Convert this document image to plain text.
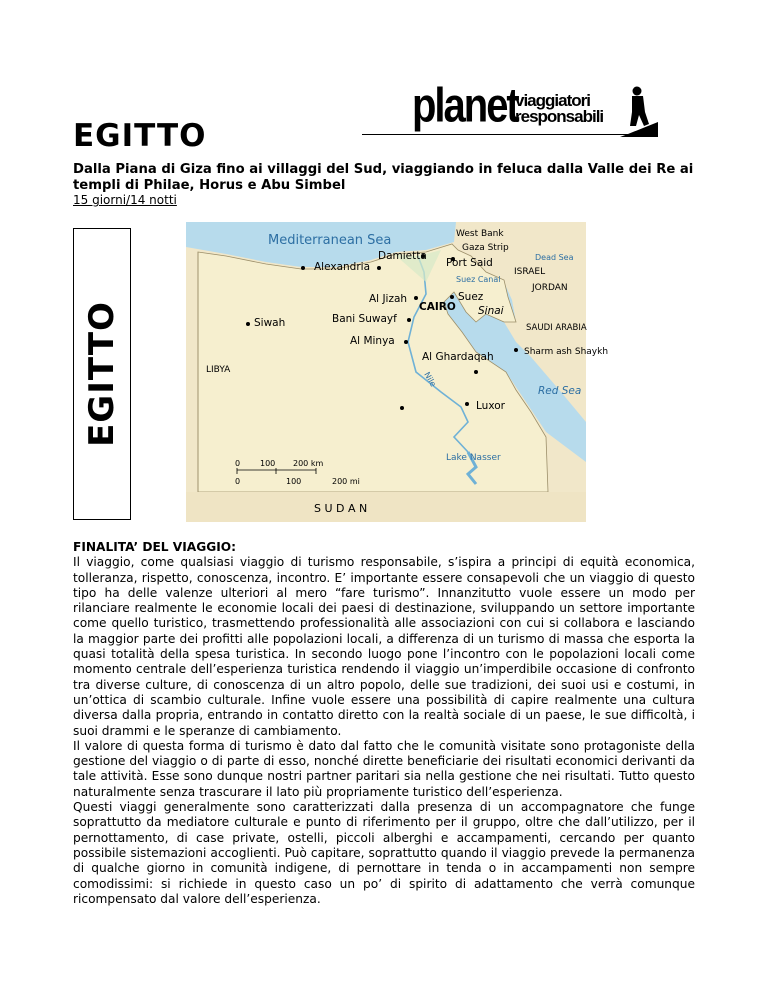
planet
viaggiatori
responsabili
EGITTO
Dalla Piana di Giza fino ai villaggi del Sud, viaggiando in feluca dalla Valle dei Re ai templi di Philae, Horus e Abu Simbel
15 giorni/14 notti
EGITTO
Mediterranean Sea	West Bank
Gaza Strip
Dead Sea
ISRAEL
JORDAN
Damietta
Port Said
Alexandria
Suez Canal
Suez
Al Jizah
CAIRO Sinai
Siwah	Bani Suwayf
SAUDI ARABIA
Al Minya
Al Ghardaqah	Sharm ash Shaykh
LIBYA
Nile
Red Sea
Luxor
Lake Nasser
S U D A N
0 100 200 km
0	100	200 mi
FINALITA’ DEL VIAGGIO:

Il viaggio, come qualsiasi viaggio di turismo responsabile, s’ispira a principi di equità economica, tolleranza, rispetto, conoscenza, incontro. E’ importante essere consapevoli che un viaggio di questo tipo ha delle valenze ulteriori al mero “fare turismo”. Innanzitutto vuole essere un modo per rilanciare realmente le economie locali dei paesi di destinazione, sviluppando un settore importante come quello turistico, trasmettendo professionalità alle associazioni con cui si collabora e lasciando la maggior parte dei profitti alle popolazioni locali, a differenza di un turismo di massa che esporta la quasi totalità della spesa turistica. In secondo luogo pone l’incontro con le popolazioni locali come momento centrale dell’esperienza turistica rendendo il viaggio un’imperdibile occasione di confronto tra diverse culture, di conoscenza di un altro popolo, delle sue tradizioni, dei suoi usi e costumi, in un’ottica di scambio culturale. Infine vuole essere una possibilità di capire realmente una cultura diversa dalla propria, entrando in contatto diretto con la realtà sociale di un paese, le sue difficoltà, i suoi drammi e le speranze di cambiamento.

Il valore di questa forma di turismo è dato dal fatto che le comunità visitate sono protagoniste della gestione del viaggio o di parte di esso, nonché dirette beneficiarie dei risultati economici derivanti da tale attività. Esse sono dunque nostri partner paritari sia nella gestione che nei risultati. Tutto questo naturalmente senza trascurare il lato più propriamente turistico dell’esperienza.

Questi viaggi generalmente sono caratterizzati dalla presenza di un accompagnatore che funge soprattutto da mediatore culturale e punto di riferimento per il gruppo, oltre che dall’utilizzo, per il pernottamento, di case private, ostelli, piccoli alberghi e accampamenti, cercando per quanto possibile sistemazioni accoglienti. Può capitare, soprattutto quando il viaggio prevede la permanenza di qualche giorno in comunità indigene, di pernottare in tenda o in accampamenti non sempre comodissimi: si richiede in questo caso un po’ di spirito di adattamento che verrà comunque ricompensato dal valore dell’esperienza.
